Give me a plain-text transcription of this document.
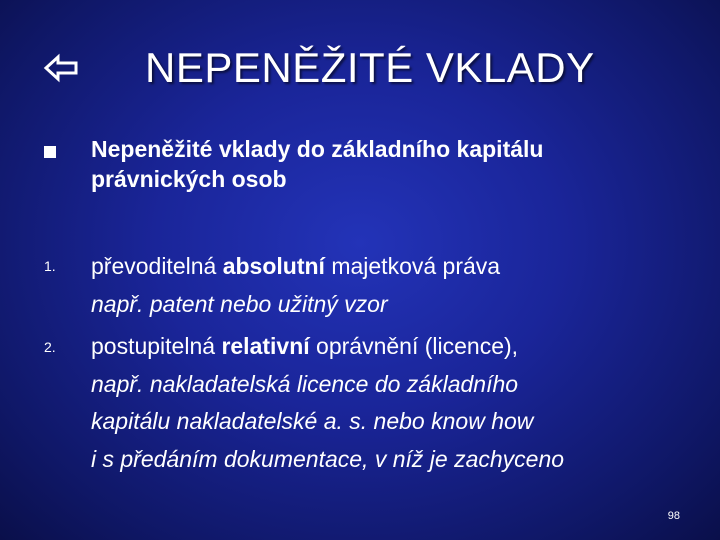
NEPENĚŽITÉ VKLADY
Nepeněžité vklady do základního kapitálu
právnických osob
1. převoditelná absolutní majetková práva
např. patent nebo užitný vzor
2. postupitelná relativní oprávnění (licence),
např. nakladatelská licence do základního
kapitálu nakladatelské a. s. nebo know how
i s předáním dokumentace, v níž je zachyceno
98
